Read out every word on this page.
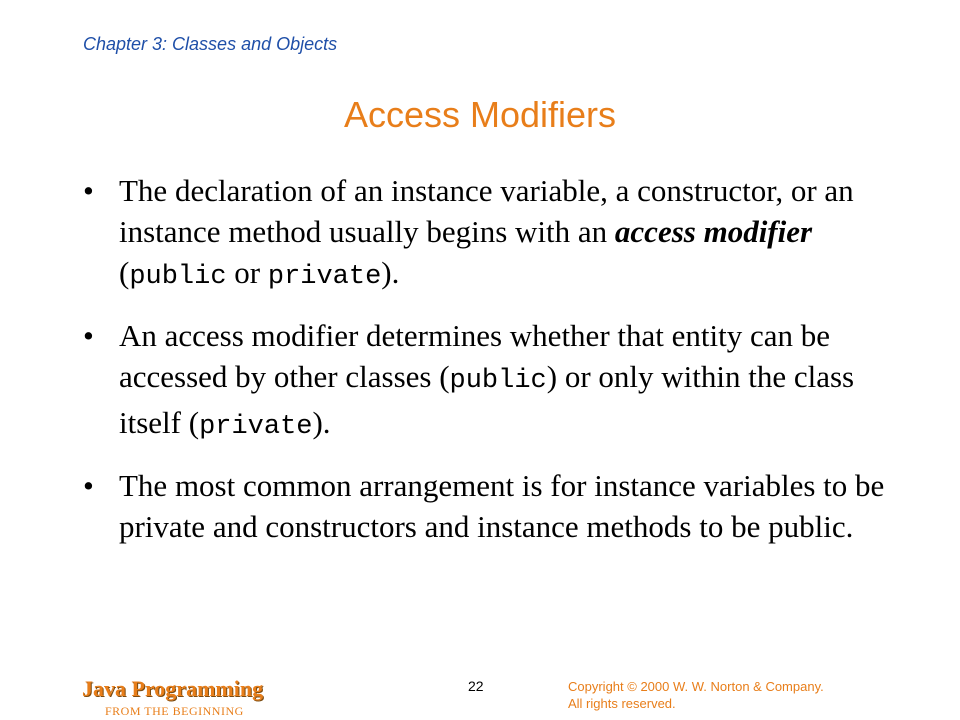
Chapter 3: Classes and Objects
Access Modifiers
• The declaration of an instance variable, a constructor, or an instance method usually begins with an access modifier (public or private).
• An access modifier determines whether that entity can be accessed by other classes (public) or only within the class itself (private).
• The most common arrangement is for instance variables to be private and constructors and instance methods to be public.
Java Programming
FROM THE BEGINNING
22	Copyright © 2000 W. W. Norton & Company.
All rights reserved.
